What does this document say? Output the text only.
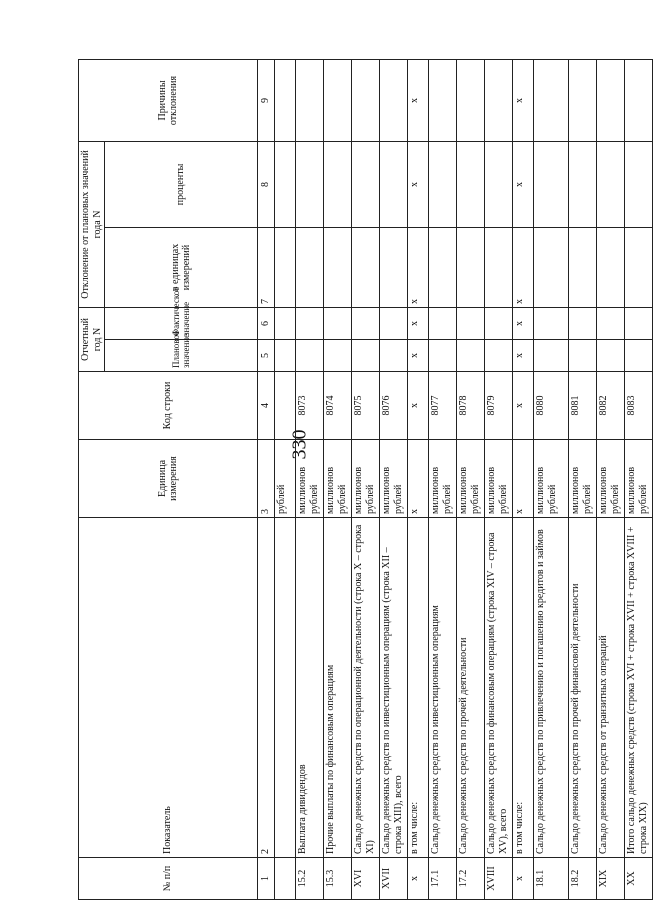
330
№ п/п	Показатель	Единица измерения	Код строки	Отчетный год N		Отклонение от плановых значений года N		Причины отклонения
						в единицах измерений	проценты	
				Плановое значение	Фактическое значение			
1	2	3	4	5	6	7	8	9
		рублей						
15.2	Выплата дивидендов	миллионов рублей	8073					
15.3	Прочие выплаты по финансовым операциям	миллионов рублей	8074					
XVI	Сальдо денежных средств по операционной деятельности (строка X – строка XI)	миллионов рублей	8075					
XVII	Сальдо денежных средств по инвестиционным операциям (строка XII – строка XIII), всего	миллионов рублей	8076					
х	в том числе:	х	х	х	х	х	х	х
17.1	Сальдо денежных средств по инвестиционным операциям	миллионов рублей	8077					
17.2	Сальдо денежных средств по прочей деятельности	миллионов рублей	8078					
XVIII	Сальдо денежных средств по финансовым операциям (строка XIV – строка XV), всего	миллионов рублей	8079					
х	в том числе:	х	х	х	х	х	х	х
18.1	Сальдо денежных средств по привлечению и погашению кредитов и займов	миллионов рублей	8080					
18.2	Сальдо денежных средств по прочей финансовой деятельности	миллионов рублей	8081					
XIX	Сальдо денежных средств от транзитных операций	миллионов рублей	8082					
XX	Итого сальдо денежных средств (строка XVI + строка XVII + строка XVIII + строка XIX)	миллионов рублей	8083					
